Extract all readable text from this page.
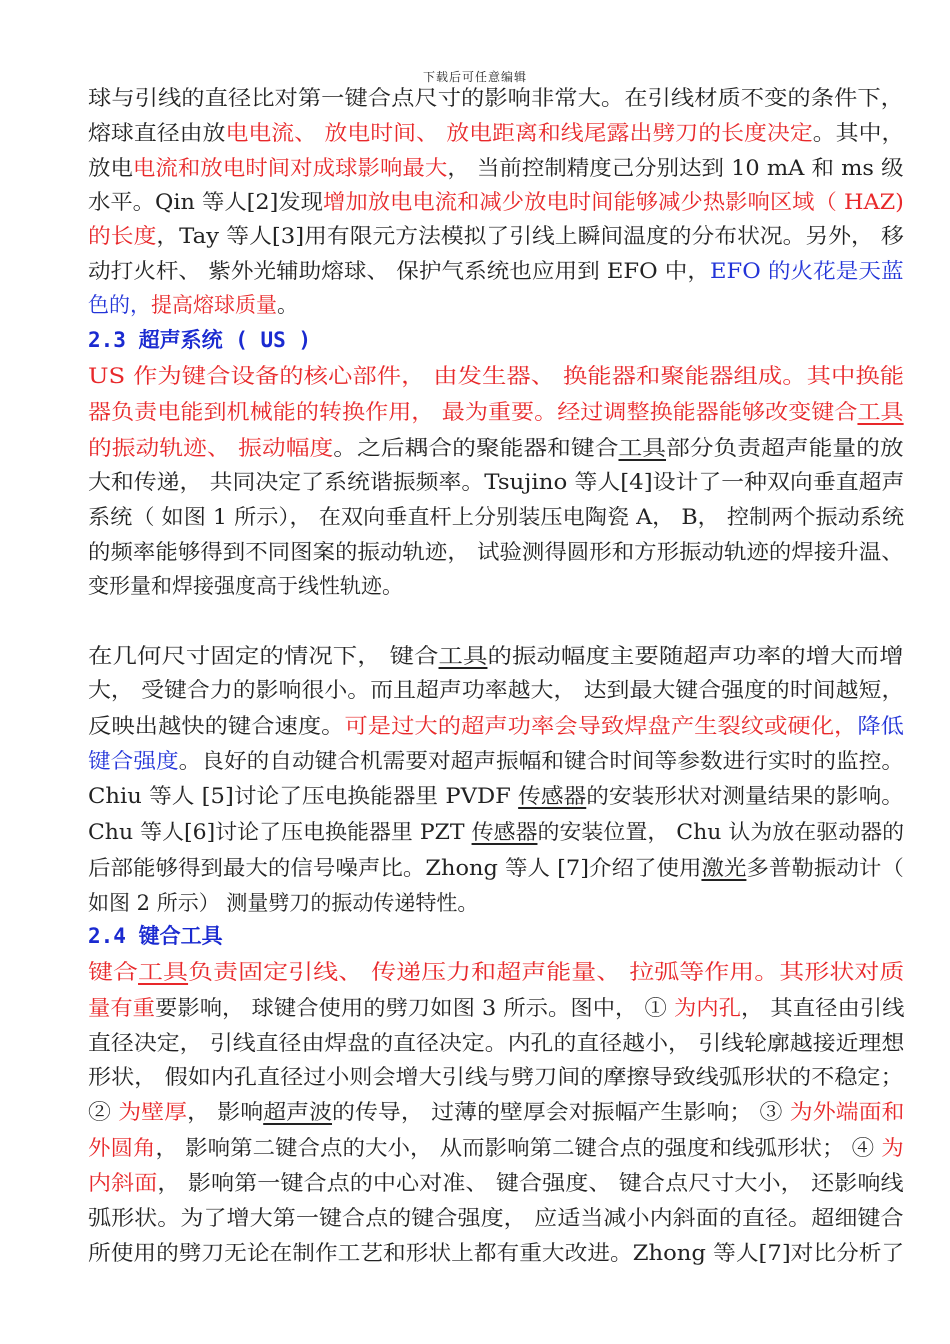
下载后可任意编辑
球与引线的直径比对第一键合点尺寸的影响非常大。在引线材质不变的条件下，
熔球直径由放电电流、 放电时间、 放电距离和线尾露出劈刀的长度决定。其中，
放电电流和放电时间对成球影响最大， 当前控制精度己分别达到 10 mA 和 ms 级
水平。Qin 等人[2]发现增加放电电流和减少放电时间能够减少热影响区域（ HAZ)
的长度，Tay 等人[3]用有限元方法模拟了引线上瞬间温度的分布状况。另外， 移
动打火杆、 紫外光辅助熔球、 保护气系统也应用到 EFO 中，EFO 的火花是天蓝
色的，提高熔球质量。
2.3 超声系统 ( US )
US 作为键合设备的核心部件， 由发生器、 换能器和聚能器组成。其中换能
器负责电能到机械能的转换作用， 最为重要。经过调整换能器能够改变键合工具
的振动轨迹、 振动幅度。之后耦合的聚能器和键合工具部分负责超声能量的放
大和传递， 共同决定了系统谐振频率。Tsujino 等人[4]设计了一种双向垂直超声
系统（ 如图 1 所示）， 在双向垂直杆上分别装压电陶瓷 A， B， 控制两个振动系统
的频率能够得到不同图案的振动轨迹， 试验测得圆形和方形振动轨迹的焊接升温、
变形量和焊接强度高于线性轨迹。
在几何尺寸固定的情况下， 键合工具的振动幅度主要随超声功率的增大而增
大， 受键合力的影响很小。而且超声功率越大， 达到最大键合强度的时间越短，
反映出越快的键合速度。可是过大的超声功率会导致焊盘产生裂纹或硬化，降低
键合强度。良好的自动键合机需要对超声振幅和键合时间等参数进行实时的监控。
Chiu 等人 [5]讨论了压电换能器里 PVDF 传感器的安装形状对测量结果的影响。
Chu 等人[6]讨论了压电换能器里 PZT 传感器的安装位置， Chu 认为放在驱动器的
后部能够得到最大的信号噪声比。Zhong 等人 [7]介绍了使用激光多普勒振动计（
如图 2 所示） 测量劈刀的振动传递特性。
2.4 键合工具
键合工具负责固定引线、 传递压力和超声能量、 拉弧等作用。其形状对质
量有重要影响， 球键合使用的劈刀如图 3 所示。图中， ① 为内孔， 其直径由引线
直径决定， 引线直径由焊盘的直径决定。内孔的直径越小， 引线轮廓越接近理想
形状， 假如内孔直径过小则会增大引线与劈刀间的摩擦导致线弧形状的不稳定；
② 为壁厚， 影响超声波的传导， 过薄的壁厚会对振幅产生影响； ③ 为外端面和
外圆角， 影响第二键合点的大小， 从而影响第二键合点的强度和线弧形状； ④ 为
内斜面， 影响第一键合点的中心对准、 键合强度、 键合点尺寸大小， 还影响线
弧形状。为了增大第一键合点的键合强度， 应适当减小内斜面的直径。超细键合
所使用的劈刀无论在制作工艺和形状上都有重大改进。Zhong 等人[7]对比分析了
